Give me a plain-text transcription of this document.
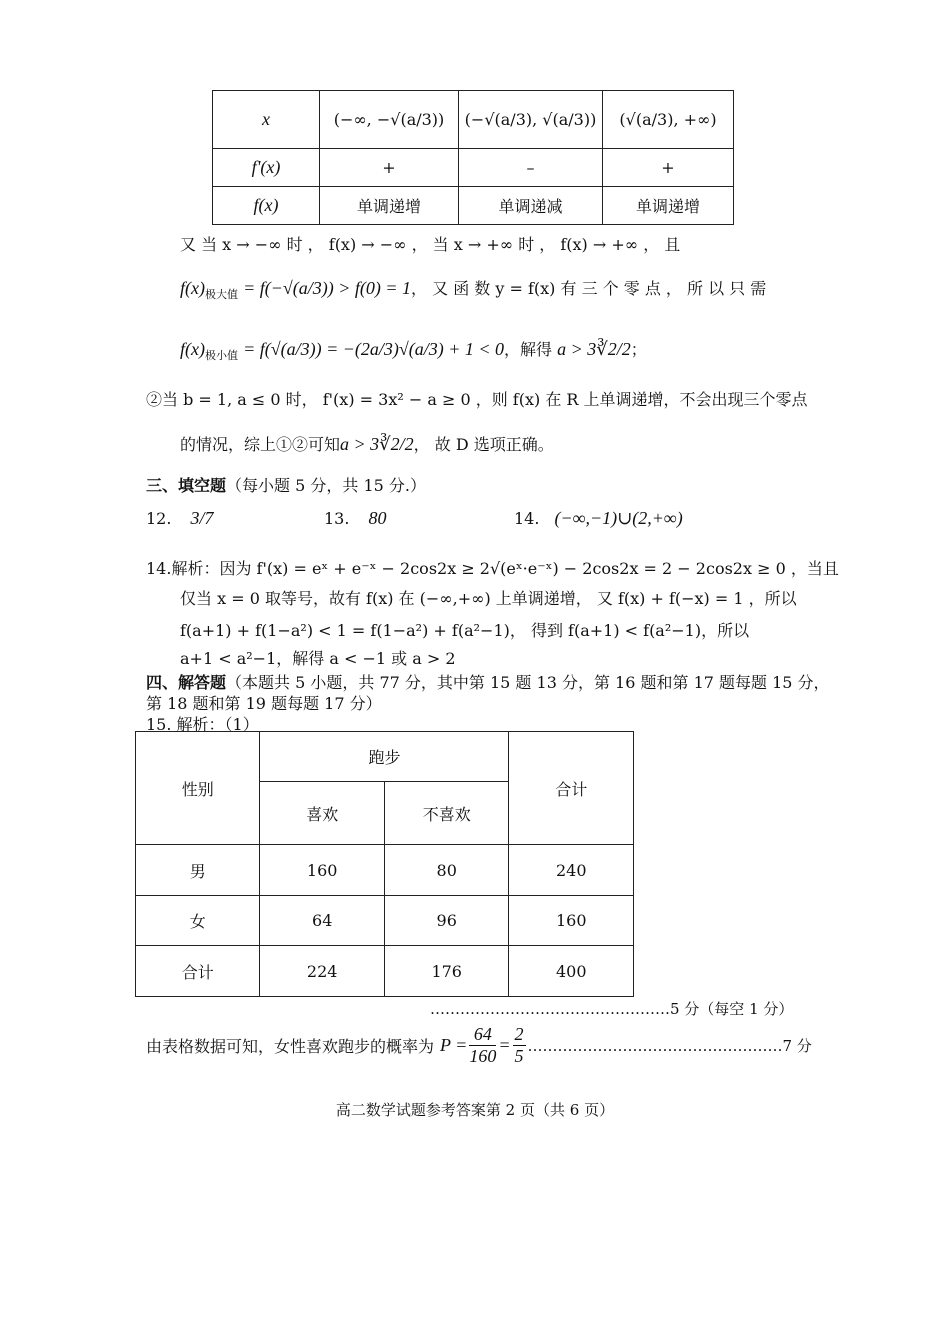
x	(−∞, −√(a/3))	(−√(a/3), √(a/3))	(√(a/3), +∞)
f'(x)	+	–	+
f(x)	单调递增	单调递减	单调递增
又 当 x → −∞ 时 ， f(x) → −∞ ， 当 x → +∞ 时 ， f(x) → +∞ ， 且
$f(x)_{极大值} = f(-√(a/3)) > f(0) = 1$， 又 函 数 y = f(x) 有 三 个 零 点 ， 所 以 只 需
$f(x)_{极小值} = f(√(a/3)) = -(2a/3)√(a/3) + 1 < 0$，解得 a > 3∛2/2；
②当 b = 1, a ≤ 0 时， f'(x) = 3x² − a ≥ 0 ，则 f(x) 在 R 上单调递增，不会出现三个零点
的情况，综上①②可知a > 3∛2/2， 故 D 选项正确。
三、填空题（每小题 5 分，共 15 分.）
12. 3/7	13. 80	14. (−∞,−1)∪(2,+∞)
14.解析：因为 f'(x) = eˣ + e⁻ˣ − 2cos2x ≥ 2√(eˣ·e⁻ˣ) − 2cos2x = 2 − 2cos2x ≥ 0 ，当且
仅当 x = 0 取等号，故有 f(x) 在 (−∞,+∞) 上单调递增， 又 f(x) + f(−x) = 1 ，所以
f(a+1) + f(1−a²) < 1 = f(1−a²) + f(a²−1)， 得到 f(a+1) < f(a²−1)，所以
a+1 < a²−1，解得 a < −1 或 a > 2
四、解答题（本题共 5 小题，共 77 分，其中第 15 题 13 分，第 16 题和第 17 题每题 15 分，
第 18 题和第 19 题每题 17 分）
15. 解析：（1）
性别	跑步		合计
	喜欢	不喜欢	
男	160	80	240
女	64	96	160
合计	224	176	400
…………………………………………5 分（每空 1 分）
由表格数据可知，女性喜欢跑步的概率为 $P = \frac{64}{160} = \frac{2}{5}$ ……………………………………………7 分
高二数学试题参考答案第 2 页（共 6 页）
